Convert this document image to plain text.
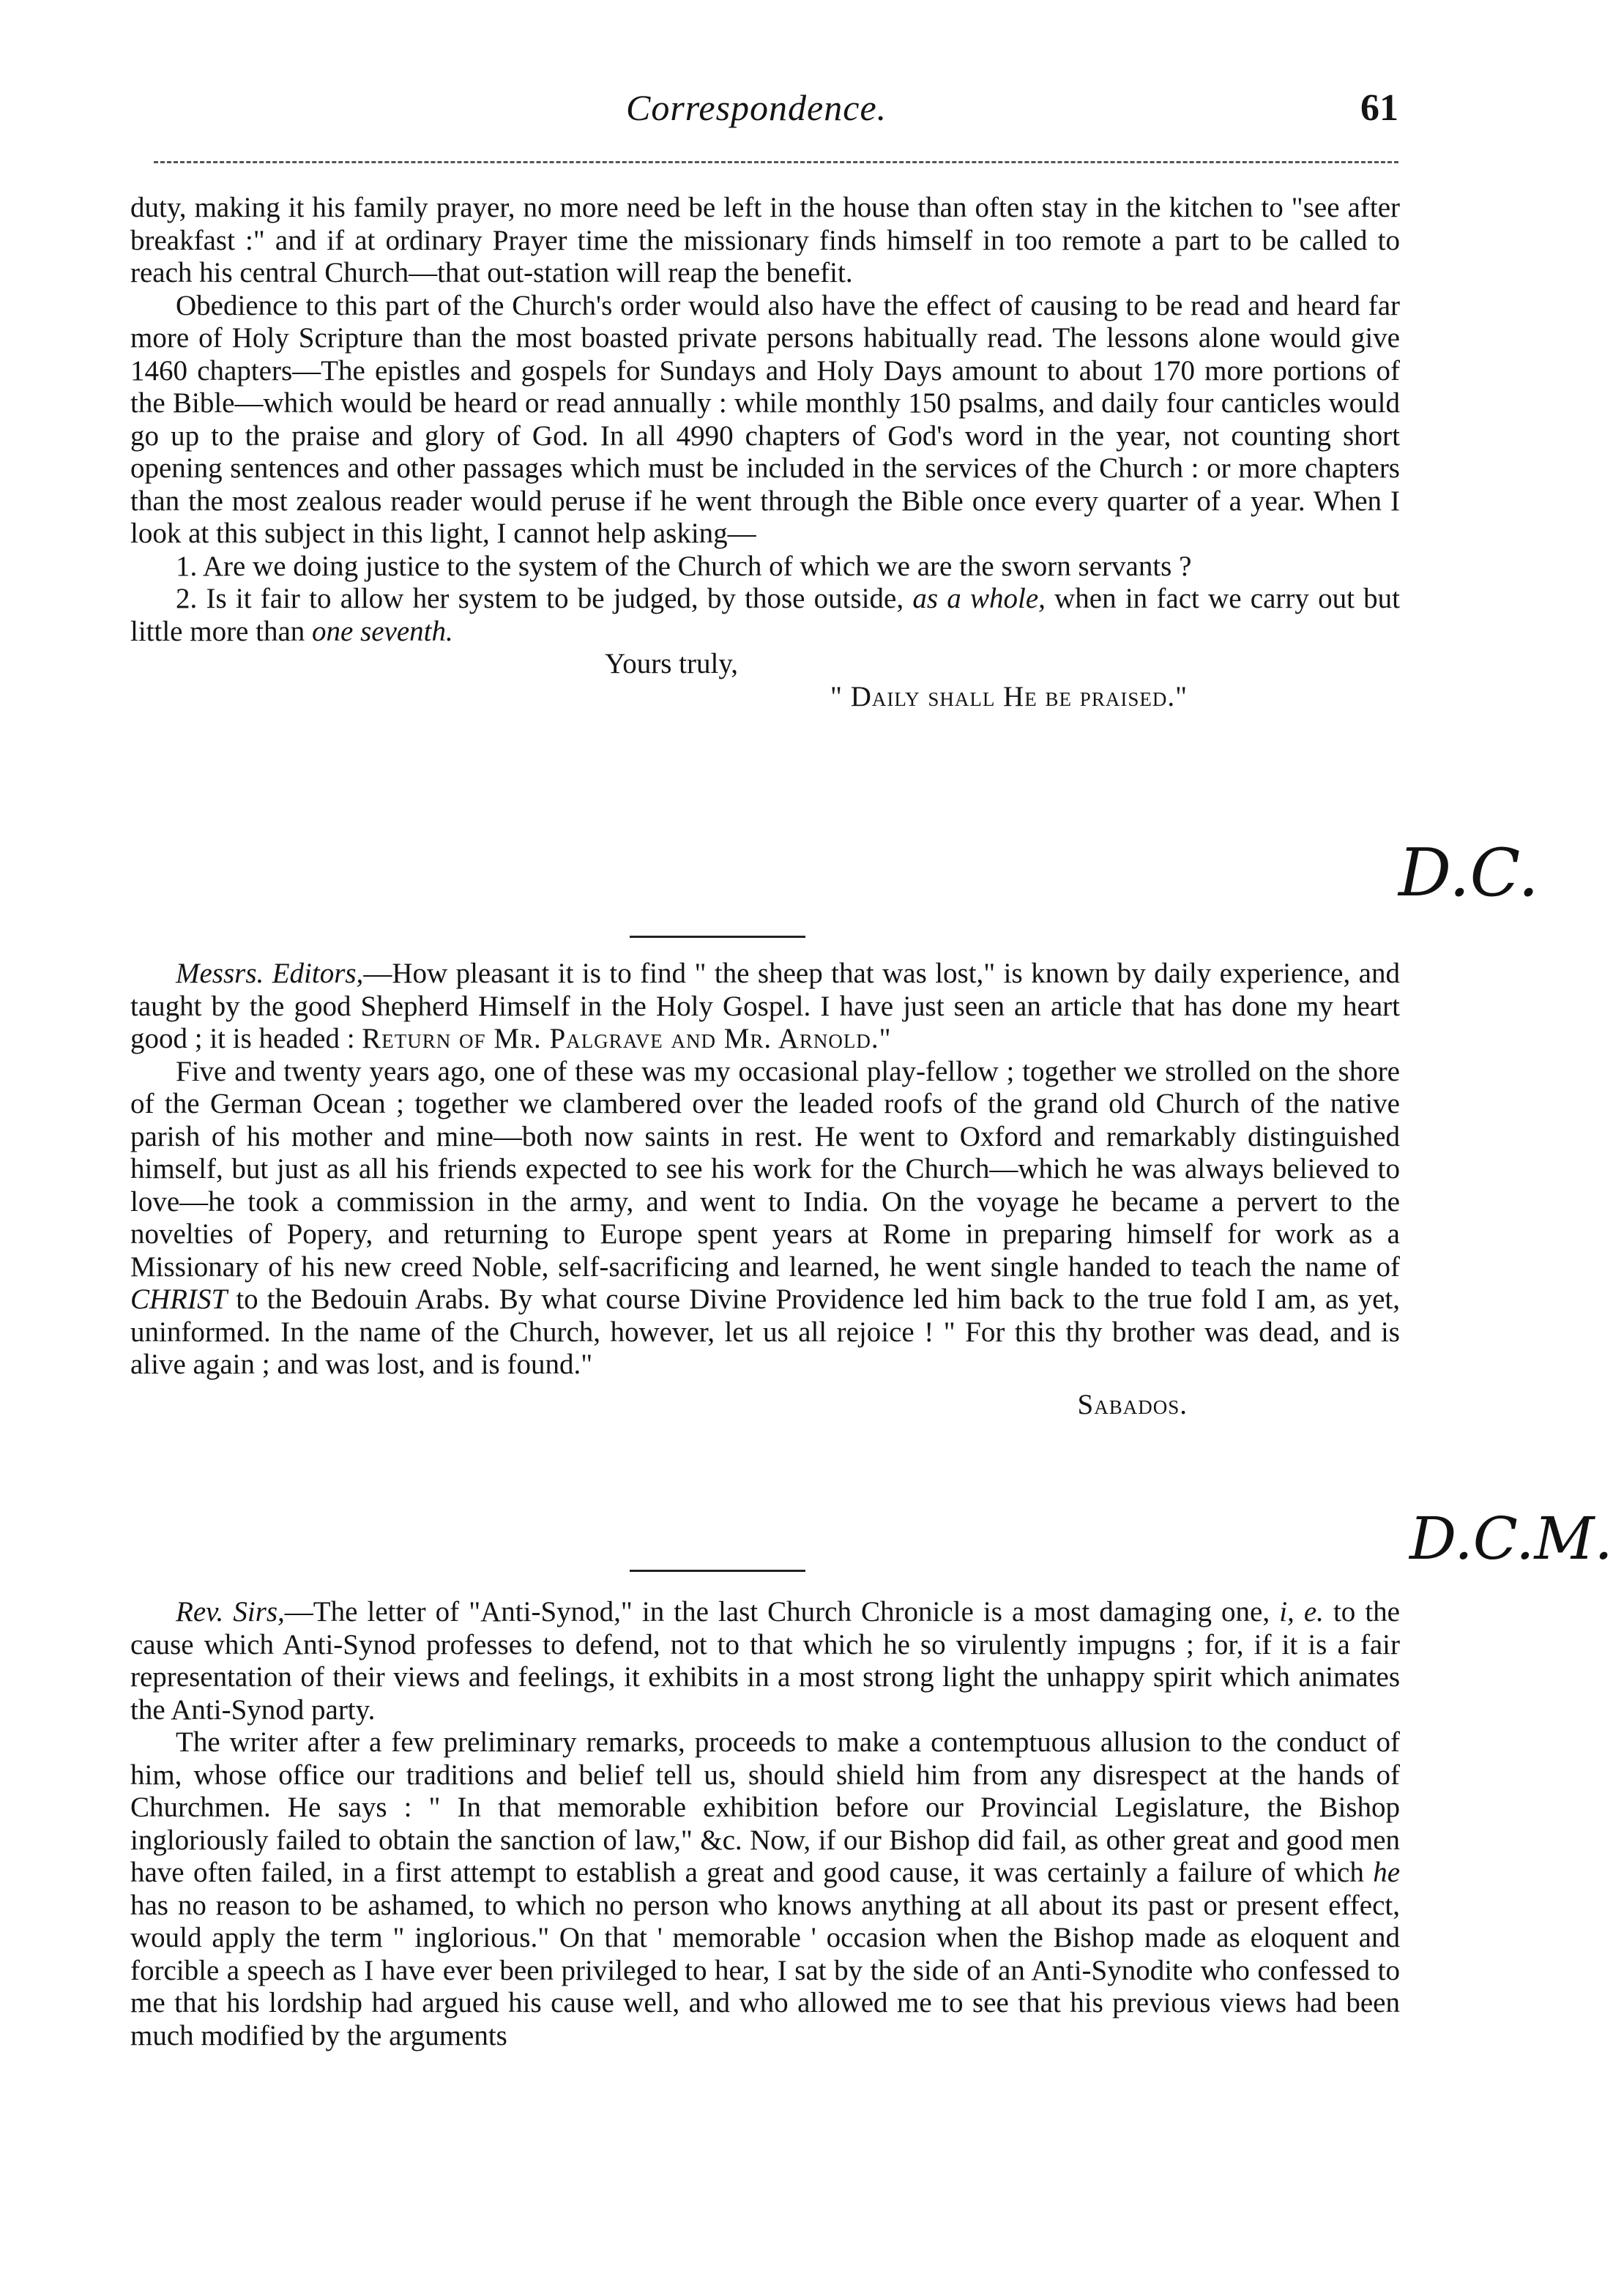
Correspondence.	61

duty, making it his family prayer, no more need be left in the house than often stay in the kitchen to "see after breakfast :" and if at ordinary Prayer time the missionary finds himself in too remote a part to be called to reach his central Church—that out-station will reap the benefit.

Obedience to this part of the Church's order would also have the effect of causing to be read and heard far more of Holy Scripture than the most boasted private persons habitually read. The lessons alone would give 1460 chapters—The epistles and gospels for Sundays and Holy Days amount to about 170 more portions of the Bible—which would be heard or read annually : while monthly 150 psalms, and daily four canticles would go up to the praise and glory of God. In all 4990 chapters of God's word in the year, not counting short opening sentences and other passages which must be included in the services of the Church : or more chapters than the most zealous reader would peruse if he went through the Bible once every quarter of a year. When I look at this subject in this light, I cannot help asking—

1. Are we doing justice to the system of the Church of which we are the sworn servants ?

2. Is it fair to allow her system to be judged, by those outside, as a whole, when in fact we carry out but little more than one seventh.

Yours truly,

" Daily shall He be praised."

D.C.

Messrs. Editors,—How pleasant it is to find " the sheep that was lost," is known by daily experience, and taught by the good Shepherd Himself in the Holy Gospel. I have just seen an article that has done my heart good ; it is headed : Return of Mr. Palgrave and Mr. Arnold."

Five and twenty years ago, one of these was my occasional play-fellow ; together we strolled on the shore of the German Ocean ; together we clambered over the leaded roofs of the grand old Church of the native parish of his mother and mine—both now saints in rest. He went to Oxford and remarkably distinguished himself, but just as all his friends expected to see his work for the Church—which he was always believed to love—he took a commission in the army, and went to India. On the voyage he became a pervert to the novelties of Popery, and returning to Europe spent years at Rome in preparing himself for work as a Missionary of his new creed Noble, self-sacrificing and learned, he went single handed to teach the name of CHRIST to the Bedouin Arabs. By what course Divine Providence led him back to the true fold I am, as yet, uninformed. In the name of the Church, however, let us all rejoice ! " For this thy brother was dead, and is alive again ; and was lost, and is found."

Sabados.

D.C.M.

Rev. Sirs,—The letter of "Anti-Synod," in the last Church Chronicle is a most damaging one, i, e. to the cause which Anti-Synod professes to defend, not to that which he so virulently impugns ; for, if it is a fair representation of their views and feelings, it exhibits in a most strong light the unhappy spirit which animates the Anti-Synod party.

The writer after a few preliminary remarks, proceeds to make a contemptuous allusion to the conduct of him, whose office our traditions and belief tell us, should shield him from any disrespect at the hands of Churchmen. He says : " In that memorable exhibition before our Provincial Legislature, the Bishop ingloriously failed to obtain the sanction of law," &c. Now, if our Bishop did fail, as other great and good men have often failed, in a first attempt to establish a great and good cause, it was certainly a failure of which he has no reason to be ashamed, to which no person who knows anything at all about its past or present effect, would apply the term " inglorious." On that ' memorable ' occasion when the Bishop made as eloquent and forcible a speech as I have ever been privileged to hear, I sat by the side of an Anti-Synodite who confessed to me that his lordship had argued his cause well, and who allowed me to see that his previous views had been much modified by the arguments
